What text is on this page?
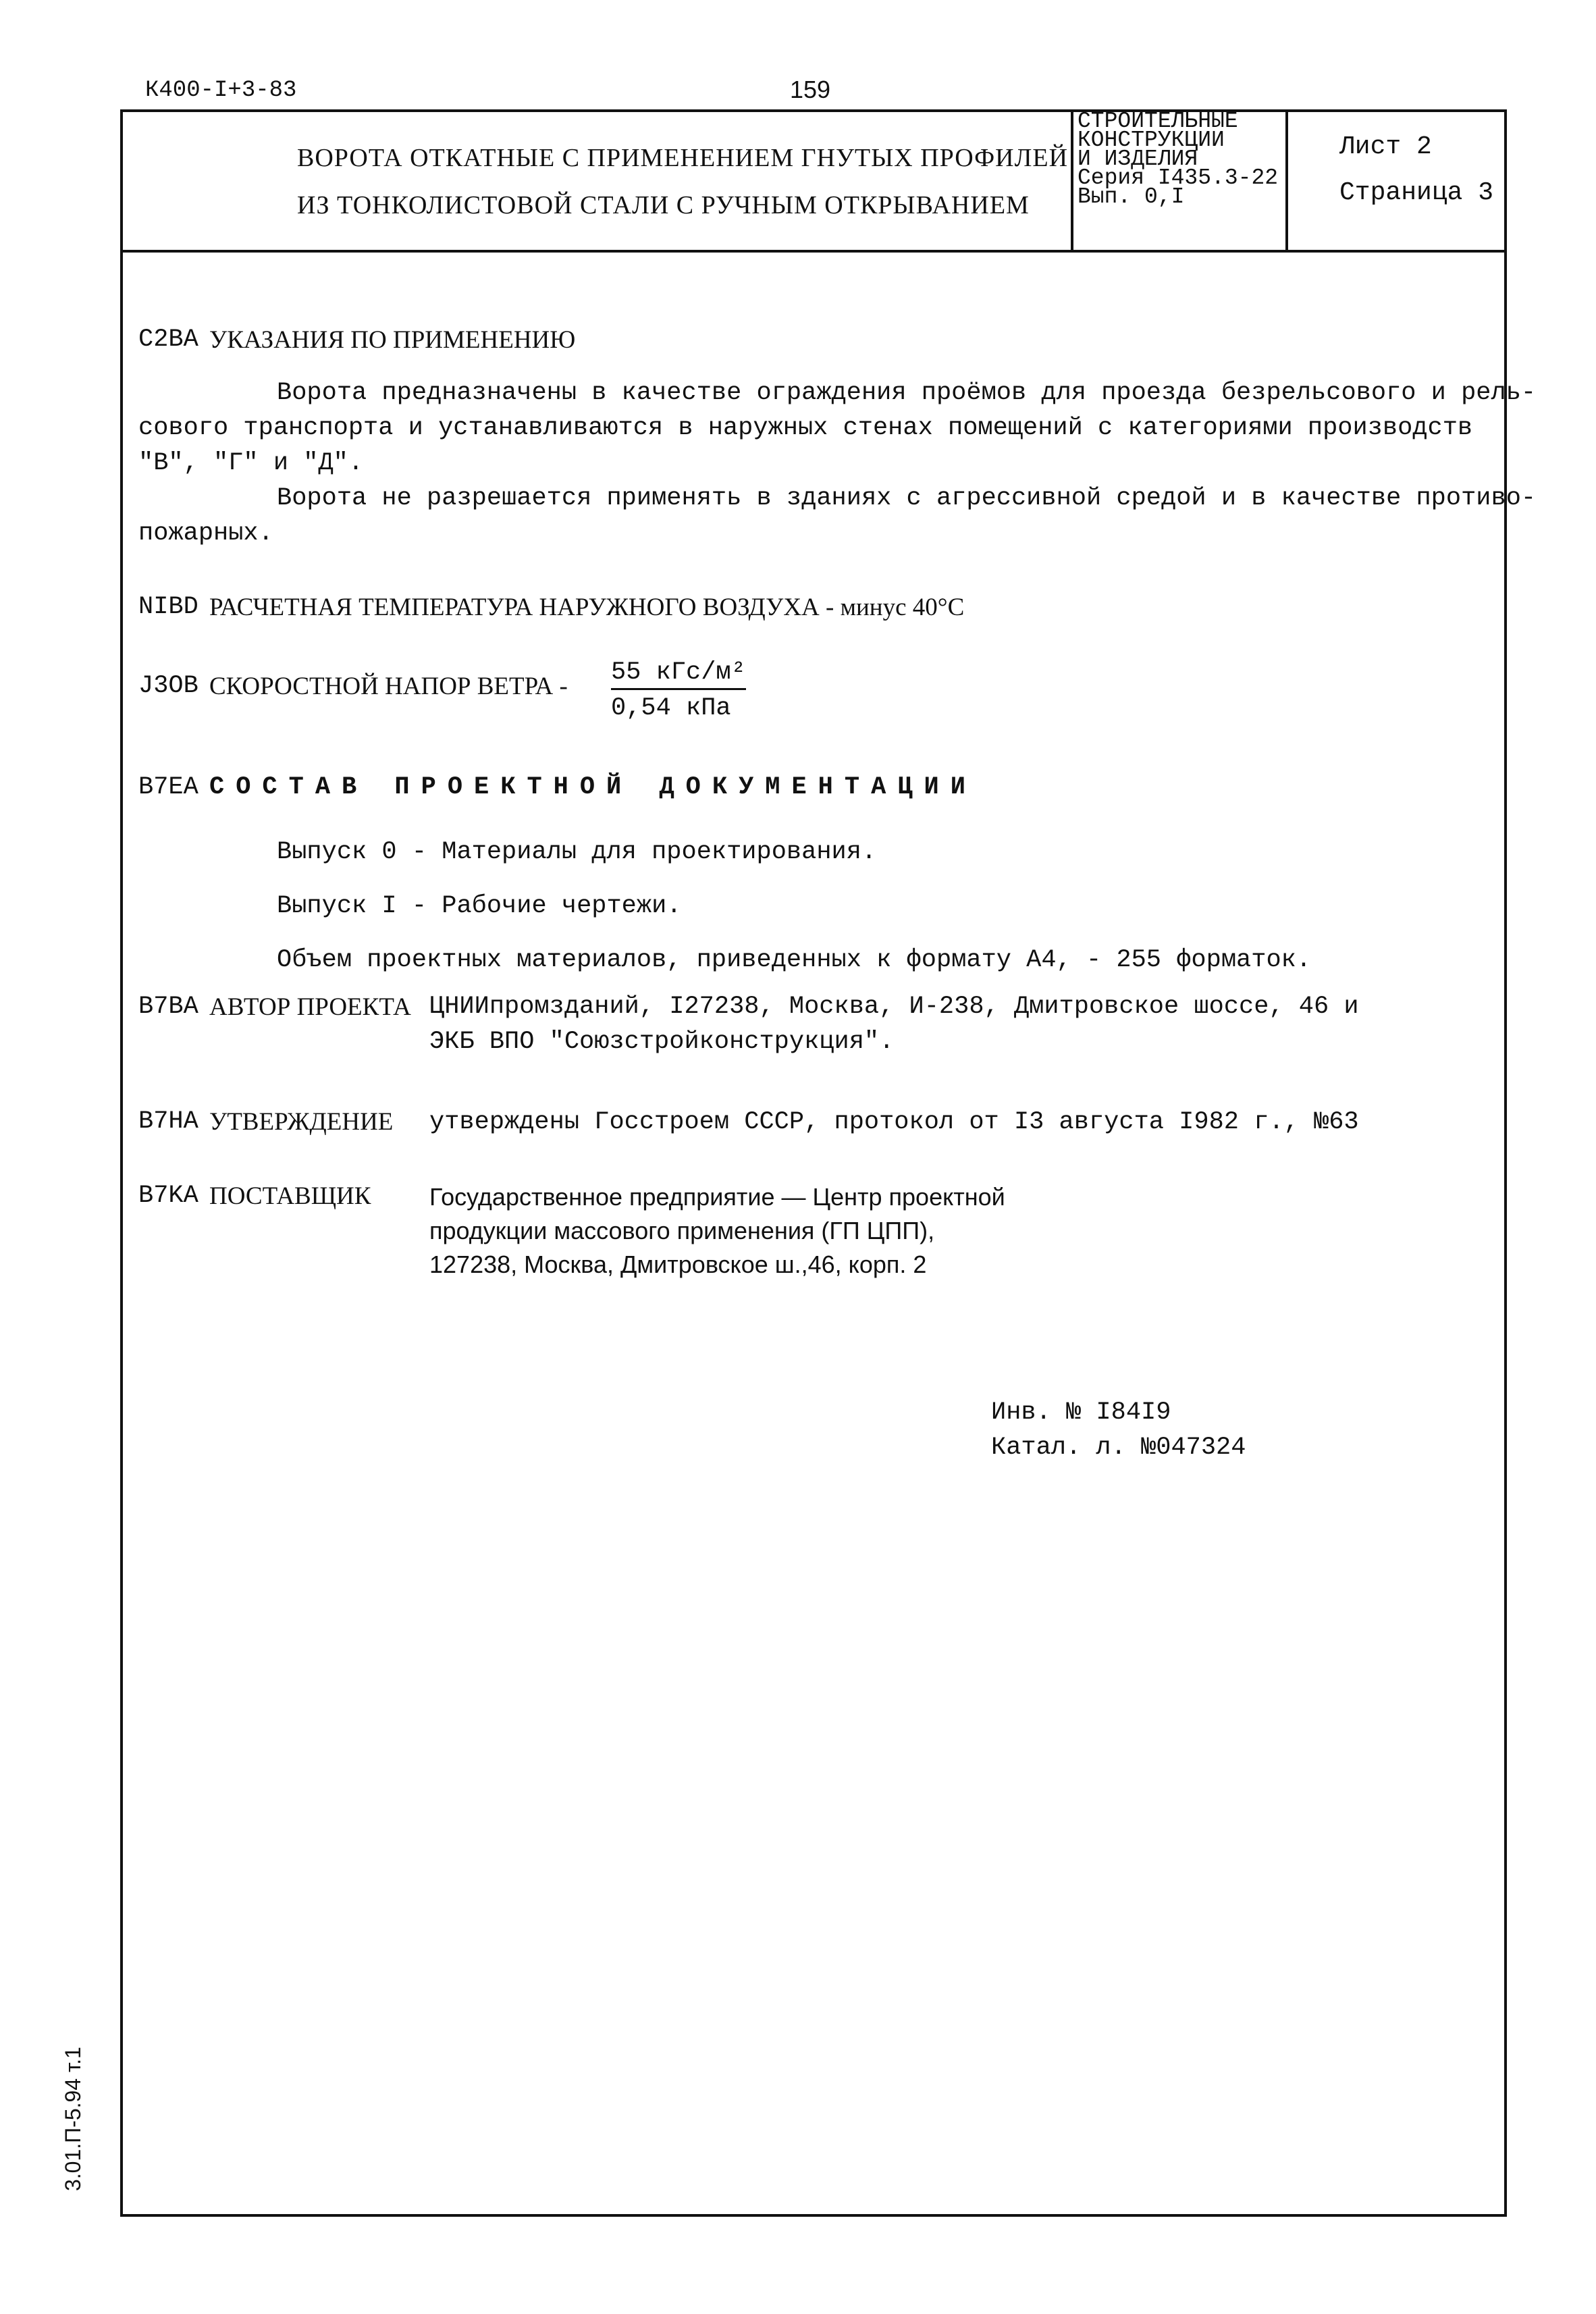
К400-I+3-83	159
ВОРОТА ОТКАТНЫЕ С ПРИМЕНЕНИЕМ ГНУТЫХ ПРОФИЛЕЙ
ИЗ ТОНКОЛИСТОВОЙ СТАЛИ С РУЧНЫМ ОТКРЫВАНИЕМ
СТРОИТЕЛЬНЫЕ
КОНСТРУКЦИИ
И ИЗДЕЛИЯ
Серия I435.3-22
Вып. 0,I
Лист 2
Страница 3
C2BA УКАЗАНИЯ ПО ПРИМЕНЕНИЮ
Ворота предназначены в качестве ограждения проёмов для проезда безрельсового и рель-
сового транспорта и устанавливаются в наружных стенах помещений с категориями производств
"В", "Г" и "Д".
Ворота не разрешается применять в зданиях с агрессивной средой и в качестве противо-
пожарных.
NIBD РАСЧЕТНАЯ ТЕМПЕРАТУРА НАРУЖНОГО ВОЗДУХА - минус 40°С
J3OB СКОРОСТНОЙ НАПОР ВЕТРА - 55 кГс/м²
0,54 кПа
B7EA СОСТАВ ПРОЕКТНОЙ ДОКУМЕНТАЦИИ
Выпуск 0 - Материалы для проектирования.
Выпуск I - Рабочие чертежи.
Объем проектных материалов, приведенных к формату А4, - 255 форматок.
B7BA АВТОР ПРОЕКТА ЦНИИпромзданий, I27238, Москва, И-238, Дмитровское шоссе, 46 и
ЭКБ ВПО "Союзстройконструкция".
B7HA УТВЕРЖДЕНИЕ утверждены Госстроем СССР, протокол от I3 августа I982 г., №63
B7KA ПОСТАВЩИК Государственное предприятие — Центр проектной
продукции массового применения (ГП ЦПП),
127238, Москва, Дмитровское ш.,46, корп. 2
Инв. № I84I9
Катал. л. №047324
3.01.П-5.94 т.1
